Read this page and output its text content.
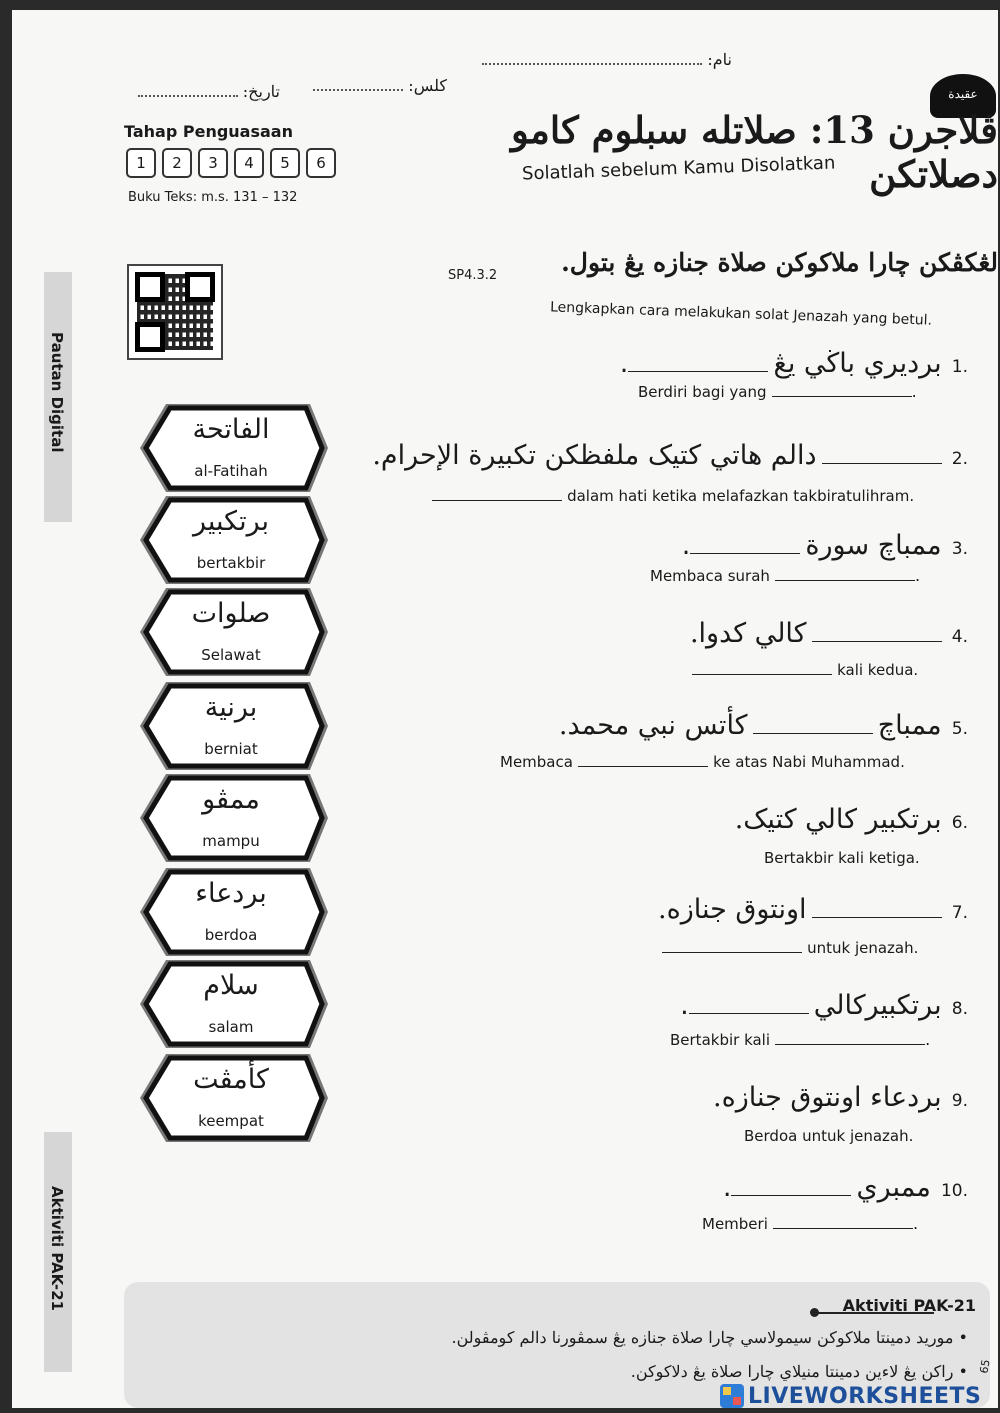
نام:
كلس:
تاريخ:	عقيدة
ڤلاجرن 13: صلاتله سبلوم كامو دصلاتكن
Solatlah sebelum Kamu Disolatkan
Tahap Penguasaan
1 2 3 4 5 6
Buku Teks: m.s. 131 – 132
Pautan Digital
Aktiviti PAK-21
الفاتحة
al-Fatihah
برتكبير
bertakbir
صلوات
Selawat
برنية
berniat
ممڤو
mampu
بردعاء
berdoa
سلام
salam
كأمڤت
keempat
لڠكڤكن چارا ملاكوكن صلاة جنازه يڠ بتول.
SP4.3.2
Lengkapkan cara melakukan solat Jenazah yang betul.
.1  برديري باڬي يڠ .
Berdiri bagi yang	.
.2   دالم هاتي كتيک ملفظكن تكبيرة الإحرام.
dalam hati ketika melafazkan takbiratulihram.
.3  ممباچ سورة .
Membaca surah	.
.4   كالي كدوا.
kali kedua.
.5  ممباچ  كأتس نبي محمد.
Membaca	ke atas Nabi Muhammad.
.6  برتكبير كالي كتيک.
Bertakbir kali ketiga.
.7   اونتوق جنازه.
untuk jenazah.
.8  برتكبيركالي .
Bertakbir kali	.
.9  بردعاء اونتوق جنازه.
Berdoa untuk jenazah.
.10  ممبري .
Memberi	.
Aktiviti PAK-21
• موريد دمينتا ملاكوكن سيمولاسي چارا صلاة جنازه يڠ سمڤورنا دالم كومڤولن.
• راكن يڠ لاءين دمينتا منيلاي چارا صلاة يڠ دلاكوكن.	65
LIVEWORKSHEETS
